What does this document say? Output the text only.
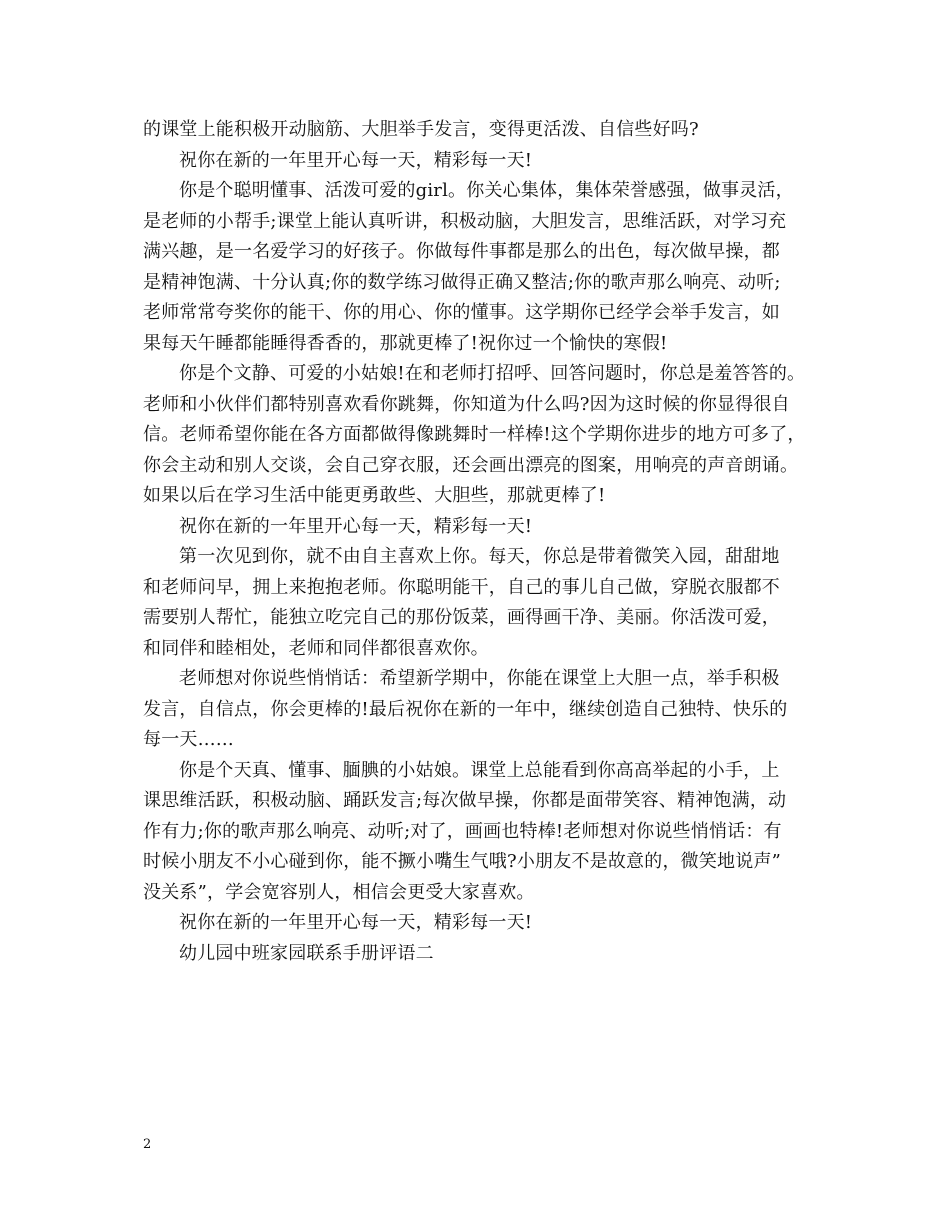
的课堂上能积极开动脑筋、大胆举手发言，变得更活泼、自信些好吗?
祝你在新的一年里开心每一天，精彩每一天!
你是个聪明懂事、活泼可爱的girl。你关心集体，集体荣誉感强，做事灵活，
是老师的小帮手;课堂上能认真听讲，积极动脑，大胆发言，思维活跃，对学习充
满兴趣，是一名爱学习的好孩子。你做每件事都是那么的出色，每次做早操，都
是精神饱满、十分认真;你的数学练习做得正确又整洁;你的歌声那么响亮、动听;
老师常常夸奖你的能干、你的用心、你的懂事。这学期你已经学会举手发言，如
果每天午睡都能睡得香香的，那就更棒了!祝你过一个愉快的寒假!
你是个文静、可爱的小姑娘!在和老师打招呼、回答问题时，你总是羞答答的。
老师和小伙伴们都特别喜欢看你跳舞，你知道为什么吗?因为这时候的你显得很自
信。老师希望你能在各方面都做得像跳舞时一样棒!这个学期你进步的地方可多了，
你会主动和别人交谈，会自己穿衣服，还会画出漂亮的图案，用响亮的声音朗诵。
如果以后在学习生活中能更勇敢些、大胆些，那就更棒了!
祝你在新的一年里开心每一天，精彩每一天!
第一次见到你，就不由自主喜欢上你。每天，你总是带着微笑入园，甜甜地
和老师问早，拥上来抱抱老师。你聪明能干，自己的事儿自己做，穿脱衣服都不
需要别人帮忙，能独立吃完自己的那份饭菜，画得画干净、美丽。你活泼可爱，
和同伴和睦相处，老师和同伴都很喜欢你。
老师想对你说些悄悄话：希望新学期中，你能在课堂上大胆一点，举手积极
发言，自信点，你会更棒的!最后祝你在新的一年中，继续创造自己独特、快乐的
每一天……
你是个天真、懂事、腼腆的小姑娘。课堂上总能看到你高高举起的小手，上
课思维活跃，积极动脑、踊跃发言;每次做早操，你都是面带笑容、精神饱满，动
作有力;你的歌声那么响亮、动听;对了，画画也特棒!老师想对你说些悄悄话：有
时候小朋友不小心碰到你，能不撅小嘴生气哦?小朋友不是故意的，微笑地说声”
没关系”，学会宽容别人，相信会更受大家喜欢。
祝你在新的一年里开心每一天，精彩每一天!
幼儿园中班家园联系手册评语二
2
